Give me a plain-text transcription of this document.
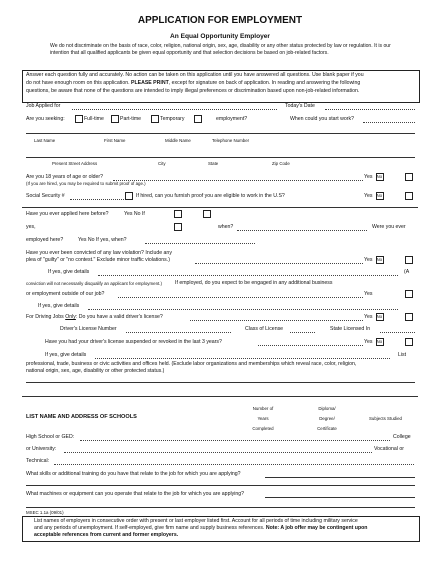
APPLICATION FOR EMPLOYMENT
An Equal Opportunity Employer
We do not discriminate on the basis of race, color, religion, national origin, sex, age, disability or any other status protected by law or regulation. It is our intention that all qualified applicants be given equal opportunity and that selection decisions be based on job-related factors.
Answer each question fully and accurately. No action can be taken on this application until you have answered all questions. Use blank paper if you
do not have enough room on this application. PLEASE PRINT, except for signature on back of application. In reading and answering the following
questions, be aware that none of the questions are intended to imply illegal preferences or discrimination based upon non-job-related information.
Job Applied for	Today's Date
Are you seeking:	Full-time	Part-time	Temporary	employment?	When could you start work?
Last Name	First Name	Middle Name	Telephone Number
Present Street Address	City	State	Zip Code
Are you 18 years of age or older?
(If you are hired, you may be required to submit proof of age.)
Yes No
Social Security #	If hired, can you furnish proof you are eligible to work in the U.S?	Yes No
Have you ever applied here before?	Yes No If
yes,	when?	Were you ever
employed here?	Yes No If yes, when?
Have you ever been convicted of any law violation? Include any
plea of "guilty" or "no contest." Exclude minor traffic violations.)	Yes No
If yes, give details	(A
conviction will not necessarily disqualify an applicant for employment.)	If employed, do you expect to be engaged in any additional business
or employment outside of our job?	Yes
If yes, give details
For Driving Jobs Only: Do you have a valid driver's license?	Yes No
Driver's License Number	Class of License	State Licensed In
Have you had your driver's license suspended or revoked in the last 3 years?	Yes No
If yes, give details	List
professional, trade, business or civic activities and offices held. (Exclude labor organizations and memberships which reveal race, color, religion,
national origin, sex, age, disability or other protected status.)
LIST NAME AND ADDRESS OF SCHOOLS
Number of
Years
Completed
Diploma/
Degree/
Certificate
Subjects Studied
High School or GED:	College
or University:	Vocational or
Technical:
What skills or additional training do you have that relate to the job for which you are applying?
What machines or equipment can you operate that relate to the job for which you are applying?
MSEC 1.1a (09/01)
List names of employers in consecutive order with present or last employer listed first. Account for all periods of time including military service
and any periods of unemployment. If self-employed, give firm name and supply business references. Note: A job offer may be contingent upon
acceptable references from current and former employers.
